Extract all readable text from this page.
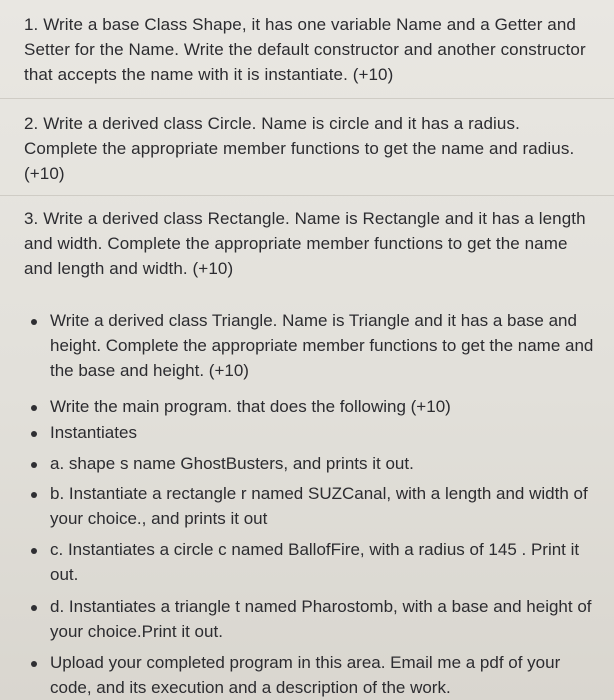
1. Write a base Class Shape, it has one variable Name and a Getter and Setter for the Name. Write the default constructor and another constructor that accepts the name with it is instantiate. (+10)
2. Write a derived class Circle. Name is circle and it has a radius. Complete the appropriate member functions to get the name and radius. (+10)
3. Write a derived class Rectangle. Name is Rectangle and it has a length and width. Complete the appropriate member functions to get the name and length and width. (+10)
Write a derived class Triangle. Name is Triangle and it has a base and height. Complete the appropriate member functions to get the name and the base and height. (+10)
Write the main program. that does the following (+10)
Instantiates
a. shape s name GhostBusters, and prints it out.
b. Instantiate a rectangle r named SUZCanal, with a length and width of your choice., and prints it out
c. Instantiates a circle c named BallofFire, with a radius of 145 . Print it out.
d. Instantiates a triangle t named Pharostomb, with a base and height of your choice.Print it out.
Upload your completed program in this area. Email me a pdf of your code, and its execution and a description of the work.
